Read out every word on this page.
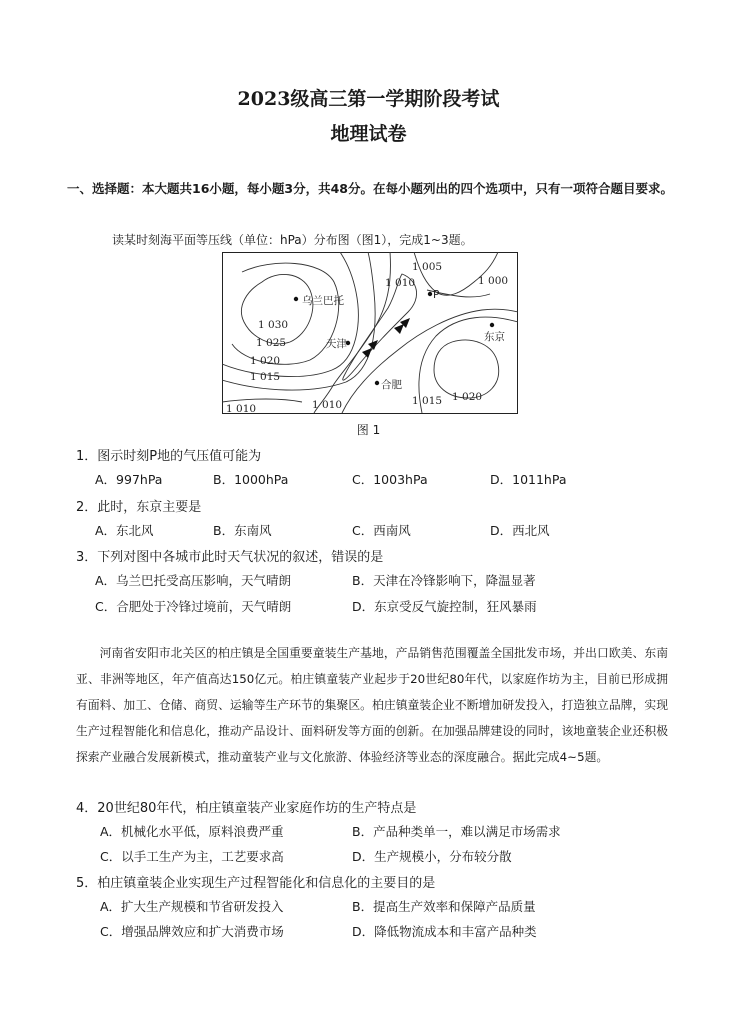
2023级高三第一学期阶段考试
地理试卷
一、选择题：本大题共16小题，每小题3分，共48分。在每小题列出的四个选项中，只有一项符合题目要求。
读某时刻海平面等压线（单位：hPa）分布图（图1），完成1~3题。
1 005
1 010	1 000
1 030
1 025
1 020
1 015
1 010	1 010	1 015 1 020
乌兰巴托	P
东京
天津
合肥
图 1
1．图示时刻P地的气压值可能为
A．997hPa	B．1000hPa	C．1003hPa	D．1011hPa
2．此时，东京主要是
A．东北风	B．东南风	C．西南风	D．西北风
3．下列对图中各城市此时天气状况的叙述，错误的是
A．乌兰巴托受高压影响，天气晴朗	B．天津在冷锋影响下，降温显著
C．合肥处于冷锋过境前，天气晴朗	D．东京受反气旋控制，狂风暴雨
河南省安阳市北关区的柏庄镇是全国重要童装生产基地，产品销售范围覆盖全国批发市场，并出口欧美、东南亚、非洲等地区，年产值高达150亿元。柏庄镇童装产业起步于20世纪80年代，以家庭作坊为主，目前已形成拥有面料、加工、仓储、商贸、运输等生产环节的集聚区。柏庄镇童装企业不断增加研发投入，打造独立品牌，实现生产过程智能化和信息化，推动产品设计、面料研发等方面的创新。在加强品牌建设的同时，该地童装企业还积极探索产业融合发展新模式，推动童装产业与文化旅游、体验经济等业态的深度融合。据此完成4~5题。
4．20世纪80年代，柏庄镇童装产业家庭作坊的生产特点是
A．机械化水平低，原料浪费严重	B．产品种类单一，难以满足市场需求
C．以手工生产为主，工艺要求高	D．生产规模小，分布较分散
5．柏庄镇童装企业实现生产过程智能化和信息化的主要目的是
A．扩大生产规模和节省研发投入	B．提高生产效率和保障产品质量
C．增强品牌效应和扩大消费市场	D．降低物流成本和丰富产品种类
